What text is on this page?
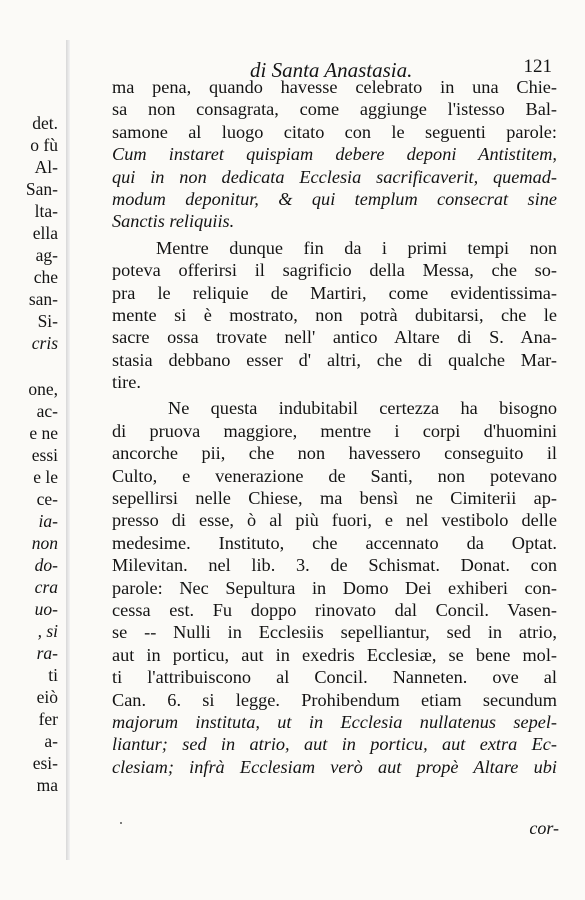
det.
o fù
Al-
San-
lta-
ella
ag-
che
san-
Si-
cris
one,
ac-
e ne
essi
e le
ce-
ia-
non
do-
cra
uo-
, si
ra-
ti
eiò
fer
a-
esi-
ma
di Santa Anastasia.	121
ma pena, quando havesse celebrato in una Chie-
sa non consagrata, come aggiunge l'istesso Bal-
samone al luogo citato con le seguenti parole:
Cum instaret quispiam debere deponi Antistitem,
qui in non dedicata Ecclesia sacrificaverit, quemad-
modum deponitur, & qui templum consecrat sine
Sanctis reliquiis.
Mentre dunque fin da i primi tempi non
poteva offerirsi il sagrificio della Messa, che so-
pra le reliquie de Martiri, come evidentissima-
mente si è mostrato, non potrà dubitarsi, che le
sacre ossa trovate nell' antico Altare di S. Ana-
stasia debbano esser d' altri, che di qualche Mar-
tire.
Ne questa indubitabil certezza ha bisogno
di pruova maggiore, mentre i corpi d'huomini
ancorche pii, che non havessero conseguito il
Culto, e venerazione de Santi, non potevano
sepellirsi nelle Chiese, ma bensì ne Cimiterii ap-
presso di esse, ò al più fuori, e nel vestibolo delle
medesime. Instituto, che accennato da Optat.
Milevitan. nel lib. 3. de Schismat. Donat. con
parole: Nec Sepultura in Domo Dei exhiberi con-
cessa est. Fu doppo rinovato dal Concil. Vasen-
se -- Nulli in Ecclesiis sepelliantur, sed in atrio,
aut in porticu, aut in exedris Ecclesiæ, se bene mol-
ti l'attribuiscono al Concil. Nanneten. ove al
Can. 6. si legge. Prohibendum etiam secundum
majorum instituta, ut in Ecclesia nullatenus sepel-
liantur; sed in atrio, aut in porticu, aut extra Ec-
clesiam; infrà Ecclesiam verò aut propè Altare ubi
cor-
